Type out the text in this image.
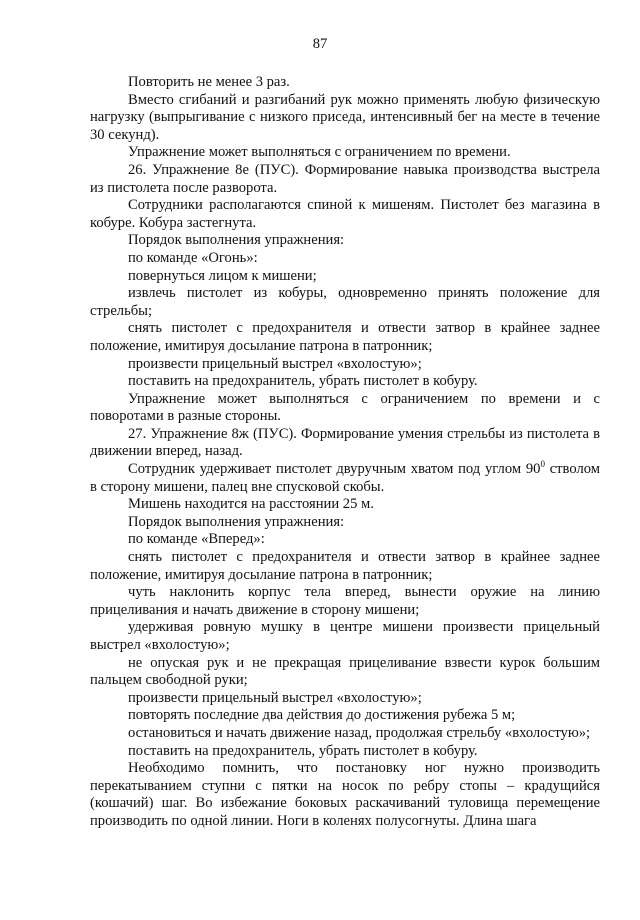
87

Повторить не менее 3 раз.

Вместо сгибаний и разгибаний рук можно применять любую физическую нагрузку (выпрыгивание с низкого приседа, интенсивный бег на месте в течение 30 секунд).

Упражнение может выполняться с ограничением по времени.

26. Упражнение 8е (ПУС). Формирование навыка производства выстрела из пистолета после разворота.

Сотрудники располагаются спиной к мишеням. Пистолет без магазина в кобуре. Кобура застегнута.

Порядок выполнения упражнения:

по команде «Огонь»:

повернуться лицом к мишени;

извлечь пистолет из кобуры, одновременно принять положение для стрельбы;

снять пистолет с предохранителя и отвести затвор в крайнее заднее положение, имитируя досылание патрона в патронник;

произвести прицельный выстрел «вхолостую»;

поставить на предохранитель, убрать пистолет в кобуру.

Упражнение может выполняться с ограничением по времени и с поворотами в разные стороны.

27. Упражнение 8ж (ПУС). Формирование умения стрельбы из пистолета в движении вперед, назад.

Сотрудник удерживает пистолет двуручным хватом под углом $90^0$ стволом в сторону мишени, палец вне спусковой скобы.

Мишень находится на расстоянии 25 м.

Порядок выполнения упражнения:

по команде «Вперед»:

снять пистолет с предохранителя и отвести затвор в крайнее заднее положение, имитируя досылание патрона в патронник;

чуть наклонить корпус тела вперед, вынести оружие на линию прицеливания и начать движение в сторону мишени;

удерживая ровную мушку в центре мишени произвести прицельный выстрел «вхолостую»;

не опуская рук и не прекращая прицеливание взвести курок большим пальцем свободной руки;

произвести прицельный выстрел «вхолостую»;

повторять последние два действия до достижения рубежа 5 м;

остановиться и начать движение назад, продолжая стрельбу «вхолостую»;

поставить на предохранитель, убрать пистолет в кобуру.

Необходимо помнить, что постановку ног нужно производить перекатыванием ступни с пятки на носок по ребру стопы – крадущийся (кошачий) шаг. Во избежание боковых раскачиваний туловища перемещение производить по одной линии. Ноги в коленях полусогнуты. Длина шага
